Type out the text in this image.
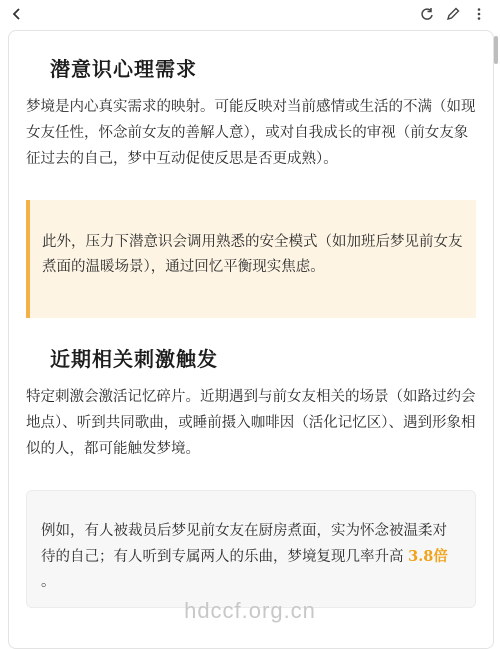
潜意识心理需求
梦境是内心真实需求的映射。可能反映对当前感情或生活的不满（如现女友任性，怀念前女友的善解人意），或对自我成长的审视（前女友象征过去的自己，梦中互动促使反思是否更成熟）。
此外，压力下潜意识会调用熟悉的安全模式（如加班后梦见前女友煮面的温暖场景），通过回忆平衡现实焦虑。
近期相关刺激触发
特定刺激会激活记忆碎片。近期遇到与前女友相关的场景（如路过约会地点）、听到共同歌曲，或睡前摄入咖啡因（活化记忆区）、遇到形象相似的人，都可能触发梦境。
例如，有人被裁员后梦见前女友在厨房煮面，实为怀念被温柔对待的自己；有人听到专属两人的乐曲，梦境复现几率升高 3.8倍 。
hdccf.org.cn
